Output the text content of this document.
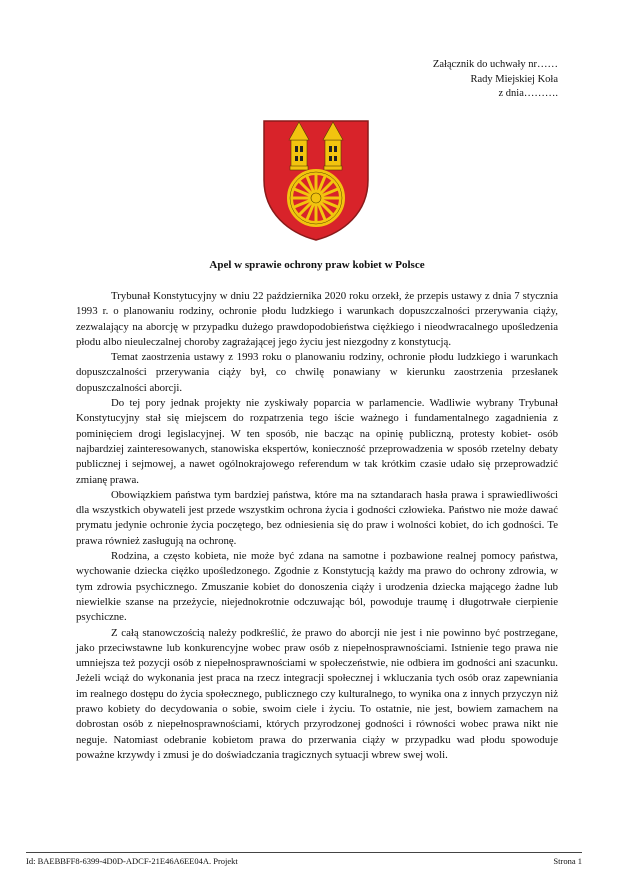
Załącznik do uchwały nr……
Rady Miejskiej Koła
z dnia……….
Apel w sprawie ochrony praw kobiet w Polsce

Trybunał Konstytucyjny w dniu 22 października 2020 roku orzekł, że przepis ustawy z dnia 7 stycznia 1993 r. o planowaniu rodziny, ochronie płodu ludzkiego i warunkach dopuszczalności przerywania ciąży, zezwalający na aborcję w przypadku dużego prawdopodobieństwa ciężkiego i nieodwracalnego upośledzenia płodu albo nieuleczalnej choroby zagrażającej jego życiu jest niezgodny z konstytucją.

Temat zaostrzenia ustawy z 1993 roku o planowaniu rodziny, ochronie płodu ludzkiego i warunkach dopuszczalności przerywania ciąży był, co chwilę ponawiany w kierunku zaostrzenia przesłanek dopuszczalności aborcji.

Do tej pory jednak projekty nie zyskiwały poparcia w parlamencie. Wadliwie wybrany Trybunał Konstytucyjny stał się miejscem do rozpatrzenia tego iście ważnego i fundamentalnego zagadnienia z pominięciem drogi legislacyjnej. W ten sposób, nie bacząc na opinię publiczną, protesty kobiet- osób najbardziej zainteresowanych, stanowiska ekspertów, konieczność przeprowadzenia w sposób rzetelny debaty publicznej i sejmowej, a nawet ogólnokrajowego referendum w tak krótkim czasie udało się przeprowadzić zmianę prawa.

Obowiązkiem państwa tym bardziej państwa, które ma na sztandarach hasła prawa i sprawiedliwości dla wszystkich obywateli jest przede wszystkim ochrona życia i godności człowieka. Państwo nie może dawać prymatu jedynie ochronie życia poczętego, bez odniesienia się do praw i wolności kobiet, do ich godności. Te prawa również zasługują na ochronę.

Rodzina, a często kobieta, nie może być zdana na samotne i pozbawione realnej pomocy państwa, wychowanie dziecka ciężko upośledzonego. Zgodnie z Konstytucją każdy ma prawo do ochrony zdrowia, w tym zdrowia psychicznego. Zmuszanie kobiet do donoszenia ciąży i urodzenia dziecka mającego żadne lub niewielkie szanse na przeżycie, niejednokrotnie odczuwając ból, powoduje traumę i długotrwałe cierpienie psychiczne.

Z całą stanowczością należy podkreślić, że prawo do aborcji nie jest i nie powinno być postrzegane, jako przeciwstawne lub konkurencyjne wobec praw osób z niepełnosprawnościami. Istnienie tego prawa nie umniejsza też pozycji osób z niepełnosprawnościami w społeczeństwie, nie odbiera im godności ani szacunku. Jeżeli wciąż do wykonania jest praca na rzecz integracji społecznej i wkluczania tych osób oraz zapewniania im realnego dostępu do życia społecznego, publicznego czy kulturalnego, to wynika ona z innych przyczyn niż prawo kobiety do decydowania o sobie, swoim ciele i życiu. To ostatnie, nie jest, bowiem zamachem na dobrostan osób z niepełnosprawnościami, których przyrodzonej godności i równości wobec prawa nikt nie neguje. Natomiast odebranie kobietom prawa do przerwania ciąży w przypadku wad płodu spowoduje poważne krzywdy i zmusi je do doświadczania tragicznych sytuacji wbrew swej woli.

Id: BAEBBFF8-6399-4D0D-ADCF-21E46A6EE04A. Projekt	Strona 1
